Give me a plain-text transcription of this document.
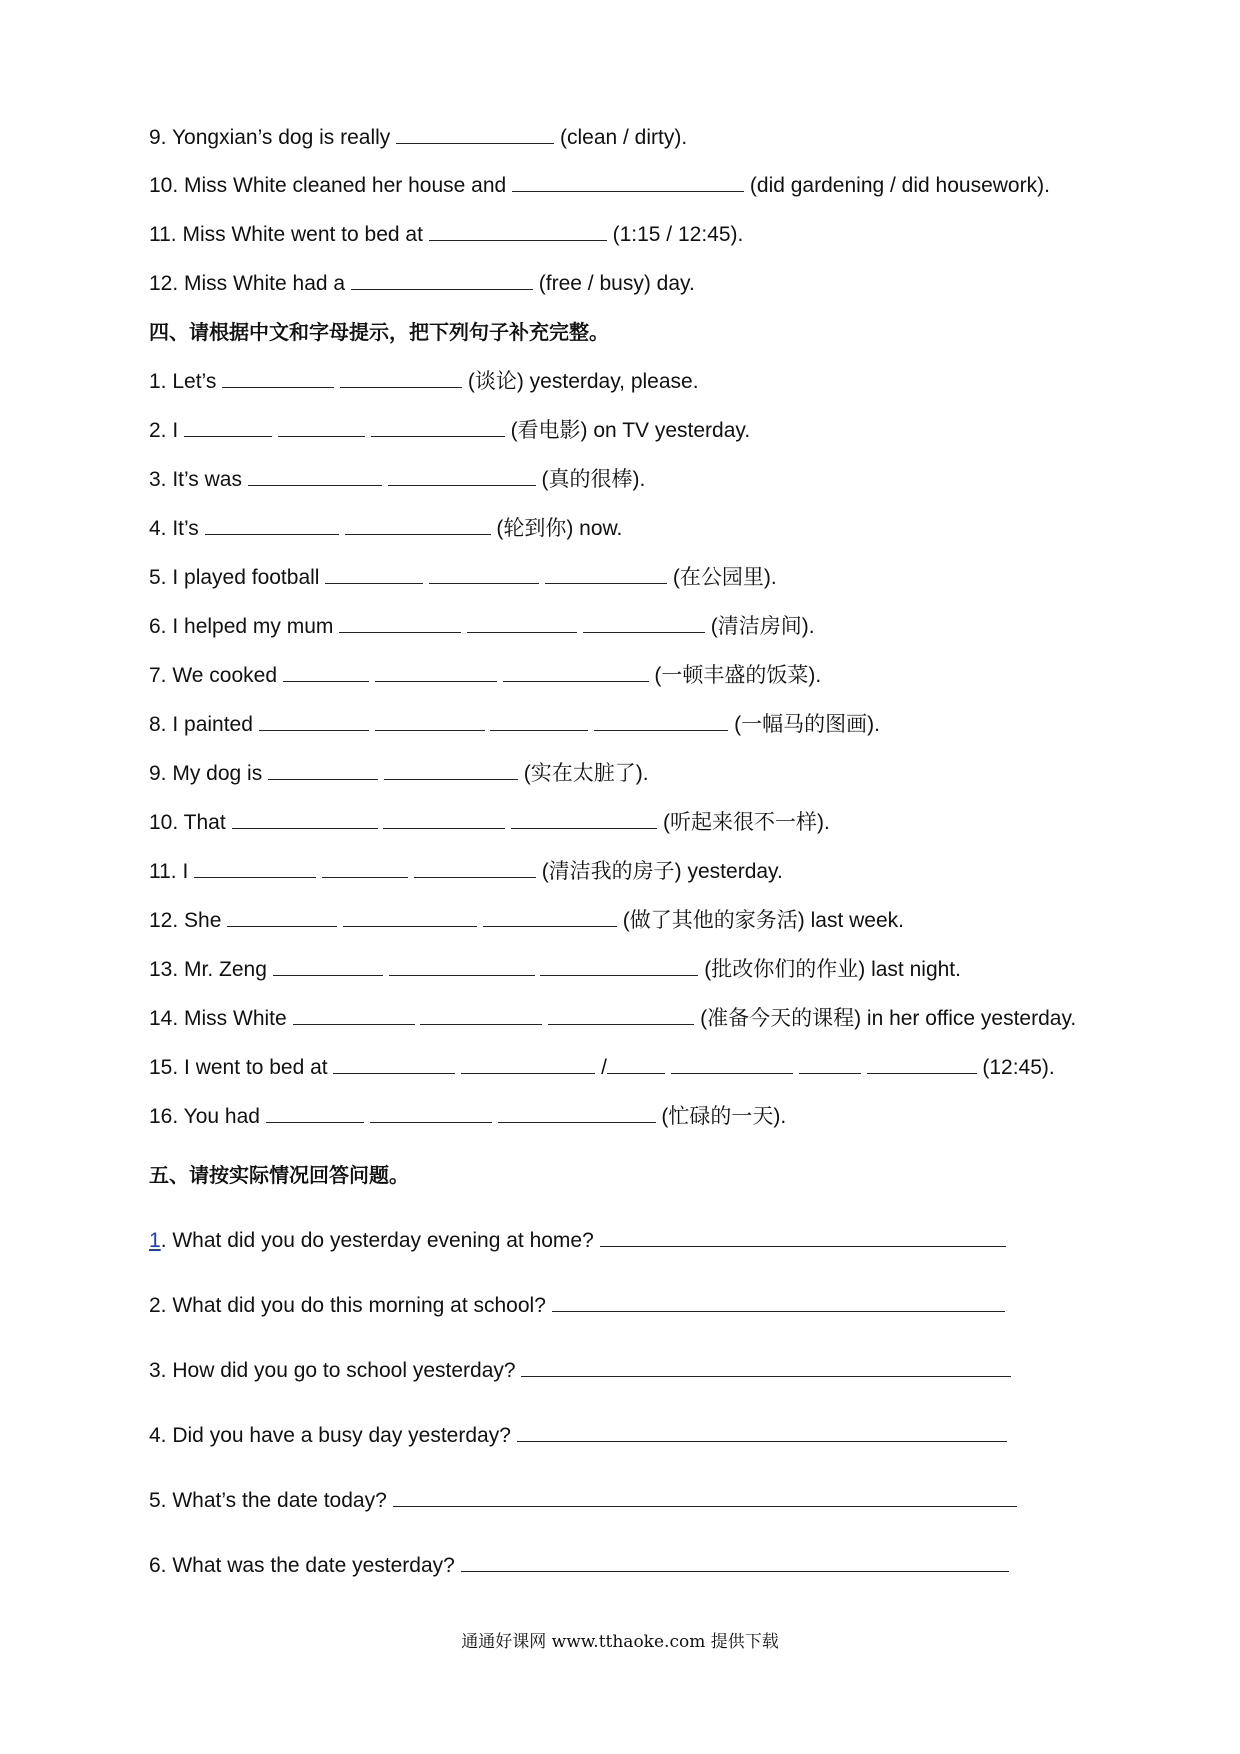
9. Yongxian’s dog is really	(clean / dirty).
10. Miss White cleaned her house and	(did gardening / did housework).
11. Miss White went to bed at	(1:15 / 12:45).
12. Miss White had a	(free / busy) day.
四、请根据中文和字母提示，把下列句子补充完整。
1. Let’s	(谈论) yesterday, please.
2. I	(看电影) on TV yesterday.
3. It’s was	(真的很棒).
4. It’s	(轮到你) now.
5. I played football	(在公园里).
6. I helped my mum	(清洁房间).
7. We cooked	(一顿丰盛的饭菜).
8. I painted	(一幅马的图画).
9. My dog is	(实在太脏了).
10. That	(听起来很不一样).
11. I	(清洁我的房子) yesterday.
12. She	(做了其他的家务活) last week.
13. Mr. Zeng	(批改你们的作业) last night.
14. Miss White	(准备今天的课程) in her office yesterday.
15. I went to bed at	/	(12:45).
16. You had	(忙碌的一天).
五、请按实际情况回答问题。
1. What did you do yesterday evening at home?
2. What did you do this morning at school?
3. How did you go to school yesterday?
4. Did you have a busy day yesterday?
5. What’s the date today?
6. What was the date yesterday?
通通好课网 www.tthaoke.com 提供下载
